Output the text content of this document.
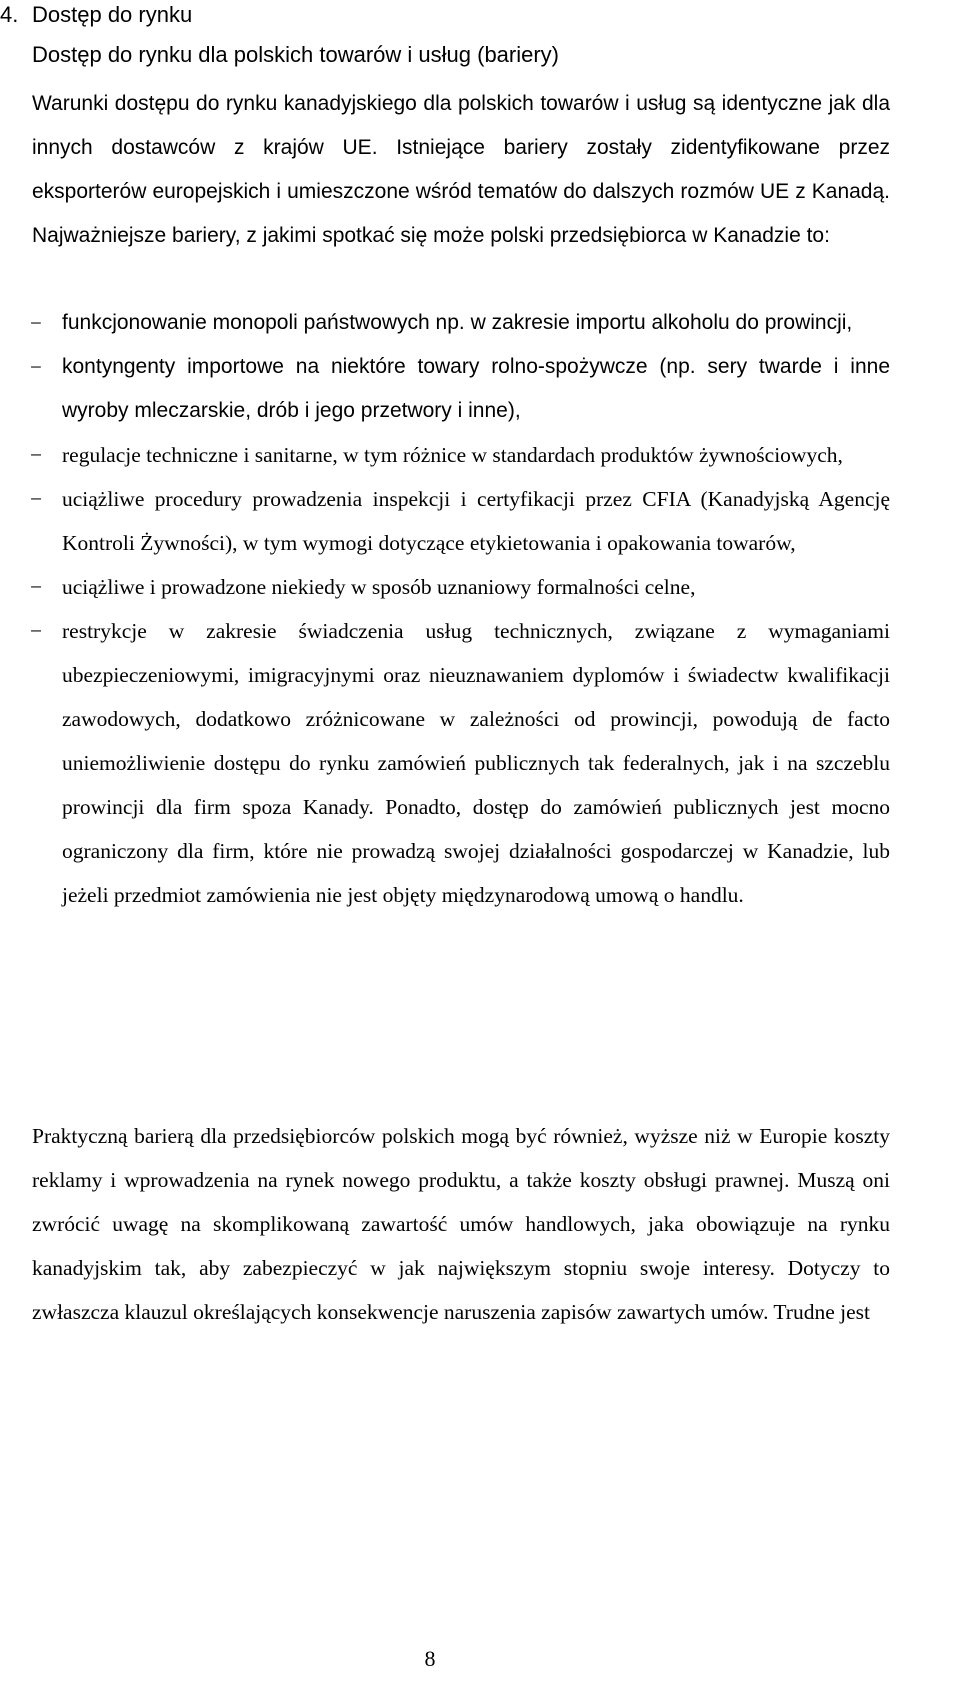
4. Dostęp do rynku
Dostęp do rynku dla polskich towarów i usług (bariery)
Warunki dostępu do rynku kanadyjskiego dla polskich towarów i usług są identyczne jak dla innych dostawców z krajów UE. Istniejące bariery zostały zidentyfikowane przez eksporterów europejskich i umieszczone wśród tematów do dalszych rozmów UE z Kanadą. Najważniejsze bariery, z jakimi spotkać się może polski przedsiębiorca w Kanadzie to:
− funkcjonowanie monopoli państwowych np. w zakresie importu alkoholu do prowincji,
− kontyngenty importowe na niektóre towary rolno-spożywcze (np. sery twarde i inne wyroby mleczarskie, drób i jego przetwory i inne),
− regulacje techniczne i sanitarne, w tym różnice w standardach produktów żywnościowych,
− uciążliwe procedury prowadzenia inspekcji i certyfikacji przez CFIA (Kanadyjską Agencję Kontroli Żywności), w tym wymogi dotyczące etykietowania i opakowania towarów,
− uciążliwe i prowadzone niekiedy w sposób uznaniowy formalności celne,
− restrykcje w zakresie świadczenia usług technicznych, związane z wymaganiami ubezpieczeniowymi, imigracyjnymi oraz nieuznawaniem dyplomów i świadectw kwalifikacji zawodowych, dodatkowo zróżnicowane w zależności od prowincji, powodują de facto uniemożliwienie dostępu do rynku zamówień publicznych tak federalnych, jak i na szczeblu prowincji dla firm spoza Kanady. Ponadto, dostęp do zamówień publicznych jest mocno ograniczony dla firm, które nie prowadzą swojej działalności gospodarczej w Kanadzie, lub jeżeli przedmiot zamówienia nie jest objęty międzynarodową umową o handlu.
Praktyczną barierą dla przedsiębiorców polskich mogą być również, wyższe niż w Europie koszty reklamy i wprowadzenia na rynek nowego produktu, a także koszty obsługi prawnej. Muszą oni zwrócić uwagę na skomplikowaną zawartość umów handlowych, jaka obowiązuje na rynku kanadyjskim tak, aby zabezpieczyć w jak największym stopniu swoje interesy. Dotyczy to zwłaszcza klauzul określających konsekwencje naruszenia zapisów zawartych umów. Trudne jest
8
